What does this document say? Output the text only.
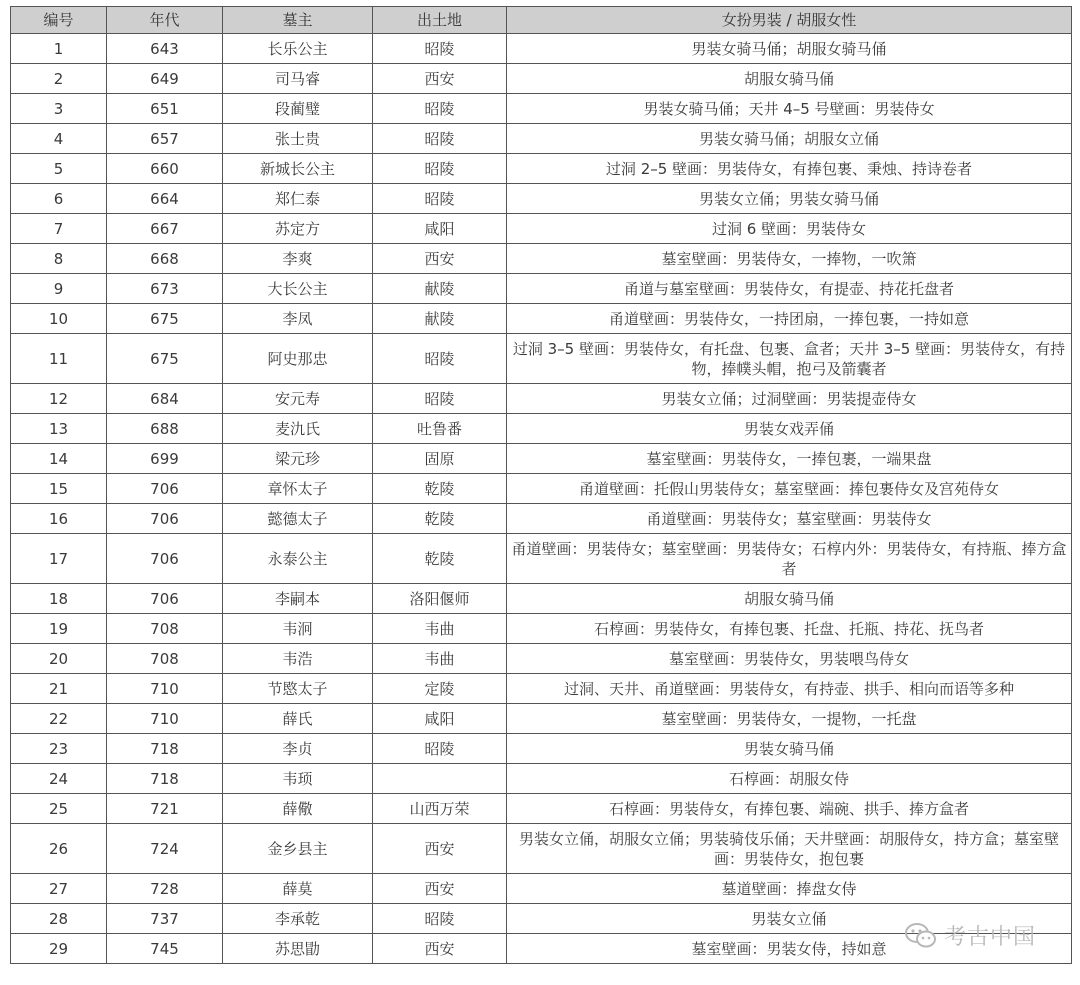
编号	年代	墓主	出土地	女扮男装 / 胡服女性
1	643	长乐公主	昭陵	男装女骑马俑；胡服女骑马俑
2	649	司马睿	西安	胡服女骑马俑
3	651	段蔺璧	昭陵	男装女骑马俑；天井 4–5 号壁画：男装侍女
4	657	张士贵	昭陵	男装女骑马俑；胡服女立俑
5	660	新城长公主	昭陵	过洞 2–5 壁画：男装侍女，有捧包裹、秉烛、持诗卷者
6	664	郑仁泰	昭陵	男装女立俑；男装女骑马俑
7	667	苏定方	咸阳	过洞 6 壁画：男装侍女
8	668	李爽	西安	墓室壁画：男装侍女，一捧物，一吹箫
9	673	大长公主	献陵	甬道与墓室壁画：男装侍女，有提壶、持花托盘者
10	675	李凤	献陵	甬道壁画：男装侍女，一持团扇，一捧包裹，一持如意
11	675	阿史那忠	昭陵	过洞 3–5 壁画：男装侍女，有托盘、包裹、盒者；天井 3–5 壁画：男装侍女，有持物，捧幞头帽，抱弓及箭囊者
12	684	安元寿	昭陵	男装女立俑；过洞壁画：男装提壶侍女
13	688	麦氿氏	吐鲁番	男装女戏弄俑
14	699	梁元珍	固原	墓室壁画：男装侍女，一捧包裹，一端果盘
15	706	章怀太子	乾陵	甬道壁画：托假山男装侍女；墓室壁画：捧包裹侍女及宫苑侍女
16	706	懿德太子	乾陵	甬道壁画：男装侍女；墓室壁画：男装侍女
17	706	永泰公主	乾陵	甬道壁画：男装侍女；墓室壁画：男装侍女；石椁内外：男装侍女，有持瓶、捧方盒者
18	706	李嗣本	洛阳偃师	胡服女骑马俑
19	708	韦泂	韦曲	石椁画：男装侍女，有捧包裹、托盘、托瓶、持花、抚鸟者
20	708	韦浩	韦曲	墓室壁画：男装侍女，男装喂鸟侍女
21	710	节愍太子	定陵	过洞、天井、甬道壁画：男装侍女，有持壶、拱手、相向而语等多种
22	710	薛氏	咸阳	墓室壁画：男装侍女，一提物，一托盘
23	718	李贞	昭陵	男装女骑马俑
24	718	韦顼		石椁画：胡服女侍
25	721	薛儆	山西万荣	石椁画：男装侍女，有捧包裹、端碗、拱手、捧方盒者
26	724	金乡县主	西安	男装女立俑，胡服女立俑；男装骑伎乐俑；天井壁画：胡服侍女，持方盒；墓室壁画：男装侍女，抱包裹
27	728	薛莫	西安	墓道壁画：捧盘女侍
28	737	李承乾	昭陵	男装女立俑
29	745	苏思勖	西安	墓室壁画：男装女侍，持如意	考古中国
